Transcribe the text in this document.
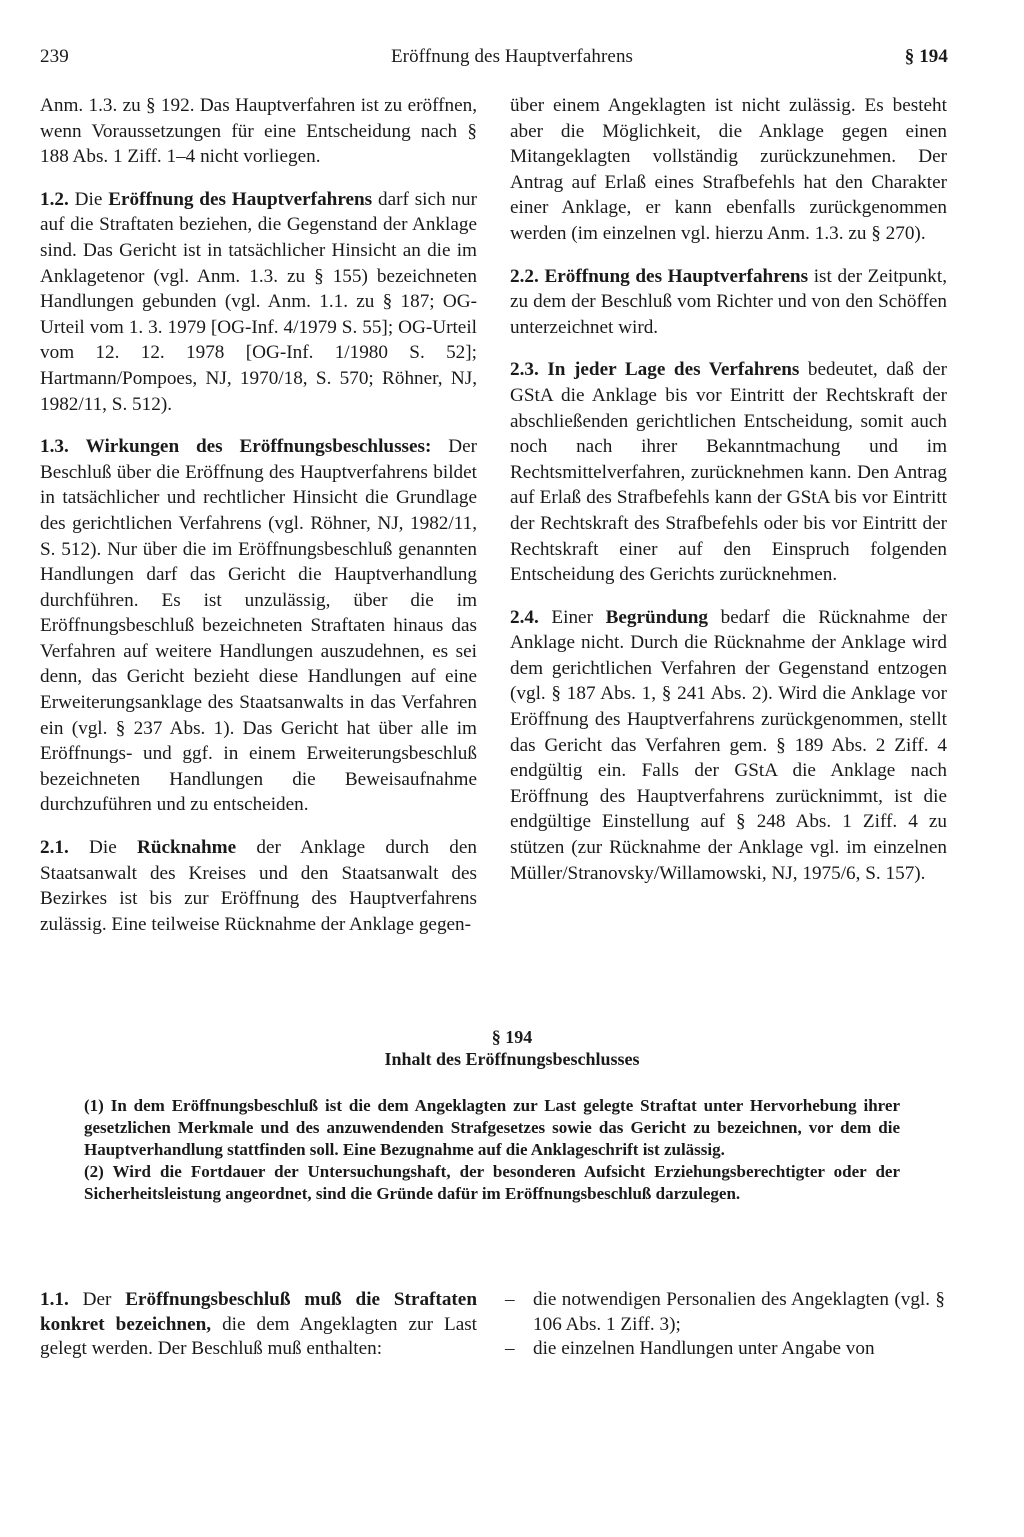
239	Eröffnung des Hauptverfahrens	§ 194

Anm. 1.3. zu § 192. Das Hauptverfahren ist zu eröffnen, wenn Voraussetzungen für eine Entscheidung nach § 188 Abs. 1 Ziff. 1–4 nicht vorliegen.

1.2. Die Eröffnung des Hauptverfahrens darf sich nur auf die Straftaten beziehen, die Gegenstand der Anklage sind. Das Gericht ist in tatsächlicher Hinsicht an die im Anklagetenor (vgl. Anm. 1.3. zu § 155) bezeichneten Handlungen gebunden (vgl. Anm. 1.1. zu § 187; OG-Urteil vom 1. 3. 1979 [OG-Inf. 4/1979 S. 55]; OG-Urteil vom 12. 12. 1978 [OG-Inf. 1/1980 S. 52]; Hartmann/Pompoes, NJ, 1970/18, S. 570; Röhner, NJ, 1982/11, S. 512).

1.3. Wirkungen des Eröffnungsbeschlusses: Der Beschluß über die Eröffnung des Hauptverfahrens bildet in tatsächlicher und rechtlicher Hinsicht die Grundlage des gerichtlichen Verfahrens (vgl. Röhner, NJ, 1982/11, S. 512). Nur über die im Eröffnungsbeschluß genannten Handlungen darf das Gericht die Hauptverhandlung durchführen. Es ist unzulässig, über die im Eröffnungsbeschluß bezeichneten Straftaten hinaus das Verfahren auf weitere Handlungen auszudehnen, es sei denn, das Gericht bezieht diese Handlungen auf eine Erweiterungsanklage des Staatsanwalts in das Verfahren ein (vgl. § 237 Abs. 1). Das Gericht hat über alle im Eröffnungs- und ggf. in einem Erweiterungsbeschluß bezeichneten Handlungen die Beweisaufnahme durchzuführen und zu entscheiden.

2.1. Die Rücknahme der Anklage durch den Staatsanwalt des Kreises und den Staatsanwalt des Bezirkes ist bis zur Eröffnung des Hauptverfahrens zulässig. Eine teilweise Rücknahme der Anklage gegen-

über einem Angeklagten ist nicht zulässig. Es besteht aber die Möglichkeit, die Anklage gegen einen Mitangeklagten vollständig zurückzunehmen. Der Antrag auf Erlaß eines Strafbefehls hat den Charakter einer Anklage, er kann ebenfalls zurückgenommen werden (im einzelnen vgl. hierzu Anm. 1.3. zu § 270).

2.2. Eröffnung des Hauptverfahrens ist der Zeitpunkt, zu dem der Beschluß vom Richter und von den Schöffen unterzeichnet wird.

2.3. In jeder Lage des Verfahrens bedeutet, daß der GStA die Anklage bis vor Eintritt der Rechtskraft der abschließenden gerichtlichen Entscheidung, somit auch noch nach ihrer Bekanntmachung und im Rechtsmittelverfahren, zurücknehmen kann. Den Antrag auf Erlaß des Strafbefehls kann der GStA bis vor Eintritt der Rechtskraft des Strafbefehls oder bis vor Eintritt der Rechtskraft einer auf den Einspruch folgenden Entscheidung des Gerichts zurücknehmen.

2.4. Einer Begründung bedarf die Rücknahme der Anklage nicht. Durch die Rücknahme der Anklage wird dem gerichtlichen Verfahren der Gegenstand entzogen (vgl. § 187 Abs. 1, § 241 Abs. 2). Wird die Anklage vor Eröffnung des Hauptverfahrens zurückgenommen, stellt das Gericht das Verfahren gem. § 189 Abs. 2 Ziff. 4 endgültig ein. Falls der GStA die Anklage nach Eröffnung des Hauptverfahrens zurücknimmt, ist die endgültige Einstellung auf § 248 Abs. 1 Ziff. 4 zu stützen (zur Rücknahme der Anklage vgl. im einzelnen Müller/Stranovsky/Willamowski, NJ, 1975/6, S. 157).

§ 194
Inhalt des Eröffnungsbeschlusses

(1) In dem Eröffnungsbeschluß ist die dem Angeklagten zur Last gelegte Straftat unter Hervorhebung ihrer gesetzlichen Merkmale und des anzuwendenden Strafgesetzes sowie das Gericht zu bezeichnen, vor dem die Hauptverhandlung stattfinden soll. Eine Bezugnahme auf die Anklageschrift ist zulässig.

(2) Wird die Fortdauer der Untersuchungshaft, der besonderen Aufsicht Erziehungsberechtigter oder der Sicherheitsleistung angeordnet, sind die Gründe dafür im Eröffnungsbeschluß darzulegen.

1.1. Der Eröffnungsbeschluß muß die Straftaten konkret bezeichnen, die dem Angeklagten zur Last gelegt werden. Der Beschluß muß enthalten:
– die notwendigen Personalien des Angeklagten (vgl. § 106 Abs. 1 Ziff. 3);
– die einzelnen Handlungen unter Angabe von
